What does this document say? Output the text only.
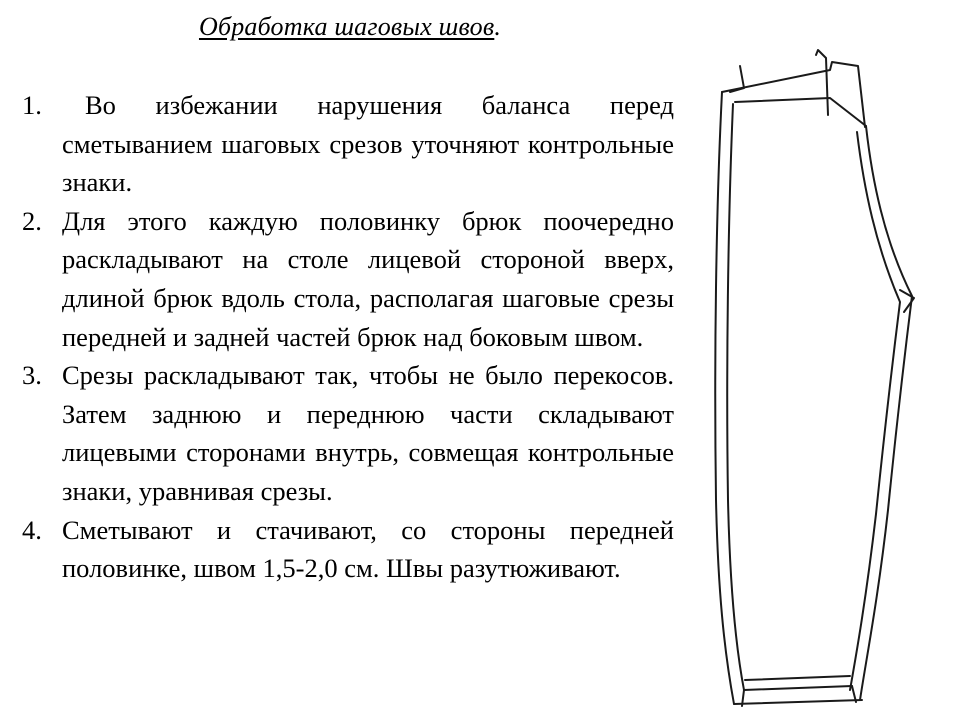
Обработка шаговых швов.
1.	Во избежании нарушения баланса перед сметыванием шаговых срезов уточняют контрольные знаки.
2. Для этого каждую половинку брюк поочередно раскладывают на столе лицевой стороной вверх, длиной брюк вдоль стола, располагая шаговые срезы передней и задней частей брюк над боковым швом.
3. Срезы раскладывают так, чтобы не было перекосов. Затем заднюю и переднюю части складывают лицевыми сторонами внутрь, совмещая контрольные знаки, уравнивая срезы.
4. Сметывают и стачивают, со стороны передней половинке, швом 1,5-2,0 см. Швы разутюживают.
